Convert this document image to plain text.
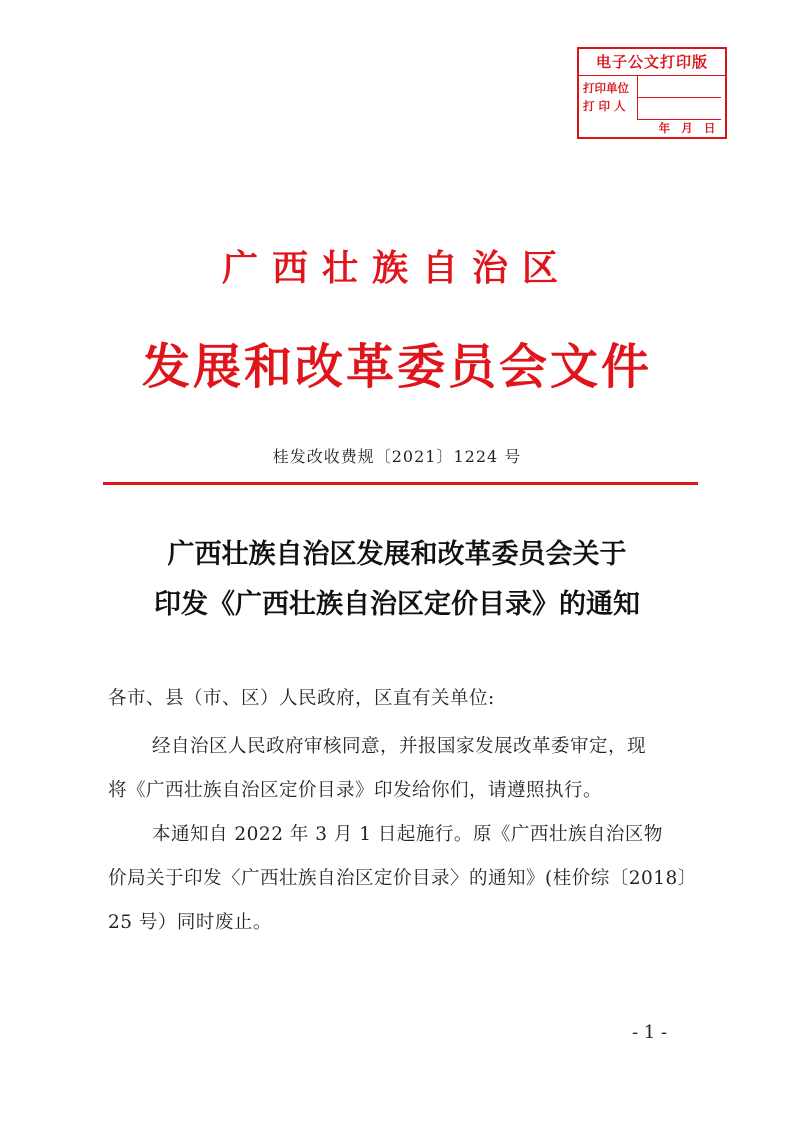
电子公文打印版
打印单位
打 印 人
年 月 日
广西壮族自治区
发展和改革委员会文件
桂发改收费规〔2021〕1224 号
广西壮族自治区发展和改革委员会关于
印发《广西壮族自治区定价目录》的通知
各市、县（市、区）人民政府，区直有关单位:
经自治区人民政府审核同意，并报国家发展改革委审定，现
将《广西壮族自治区定价目录》印发给你们，请遵照执行。
本通知自 2022 年 3 月 1 日起施行。原《广西壮族自治区物
价局关于印发〈广西壮族自治区定价目录〉的通知》(桂价综〔2018〕
25 号）同时废止。
- 1 -
